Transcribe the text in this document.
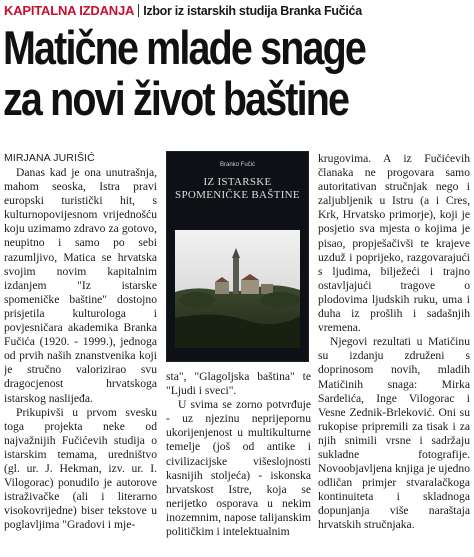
KAPITALNA IZDANJA Izbor iz istarskih studija Branka Fučića
Matične mlade snage
za novi život baštine
MIRJANA JURIŠIĆ

Danas kad je ona unutrašnja, mahom seoska, Istra pravi europski turistički hit, s kulturnopovijesnom vrijednošću koju uzimamo zdravo za gotovo, neupitno i samo po sebi razumljivo, Matica se hrvatska svojim novim kapitalnim izdanjem "Iz istarske spomeničke baštine" dostojno prisjetila kulturologa i povjesničara akademika Branka Fučića (1920. - 1999.), jednoga od prvih naših znanstvenika koji je stručno valorizirao svu dragocjenost hrvatskoga istarskog naslijeđa.

Prikupivši u prvom svesku toga projekta neke od najvažnijih Fučićevih studija o istarskim temama, uredništvo (gl. ur. J. Hekman, izv. ur. I. Vilogorac) ponudilo je autorove istraživačke (ali i literarno visokovrijedne) biser tekstove u poglavljima "Gradovi i mje-

Branko Fučić
IZ ISTARSKE
SPOMENIČKE BAŠTINE

sta", "Glagoljska baština" te "Ljudi i sveci".

U svima se zorno potvrđuje - uz njezinu neprijepornu ukorijenjenost u multikulturne temelje (još od antike i civilizacijske višeslojnosti kasnijih stoljeća) - iskonska hrvatskost Istre, koja se nerijetko osporava u nekim inozemnim, napose talijanskim političkim i intelektualnim

krugovima. A iz Fučićevih članaka ne progovara samo autoritativan stručnjak nego i zaljubljenik u Istru (a i Cres, Krk, Hrvatsko primorje), koji je posjetio sva mjesta o kojima je pisao, propješačivši te krajeve uzduž i poprijeko, razgovarajući s ljudima, bilježeći i trajno ostavljajući tragove o plodovima ljudskih ruku, uma i duha iz prošlih i sadašnjih vremena.

Njegovi rezultati u Matičinu su izdanju združeni s doprinosom novih, mladih Matičinih snaga: Mirka Sardelića, Inge Vilogorac i Vesne Zednik-Brleković. Oni su rukopise pripremili za tisak i za njih snimili vrsne i sadržaju sukladne fotografije. Novoobjavljena knjiga je ujedno odličan primjer stvaralačkoga kontinuiteta i skladnoga dopunjanja više naraštaja hrvatskih stručnjaka.
